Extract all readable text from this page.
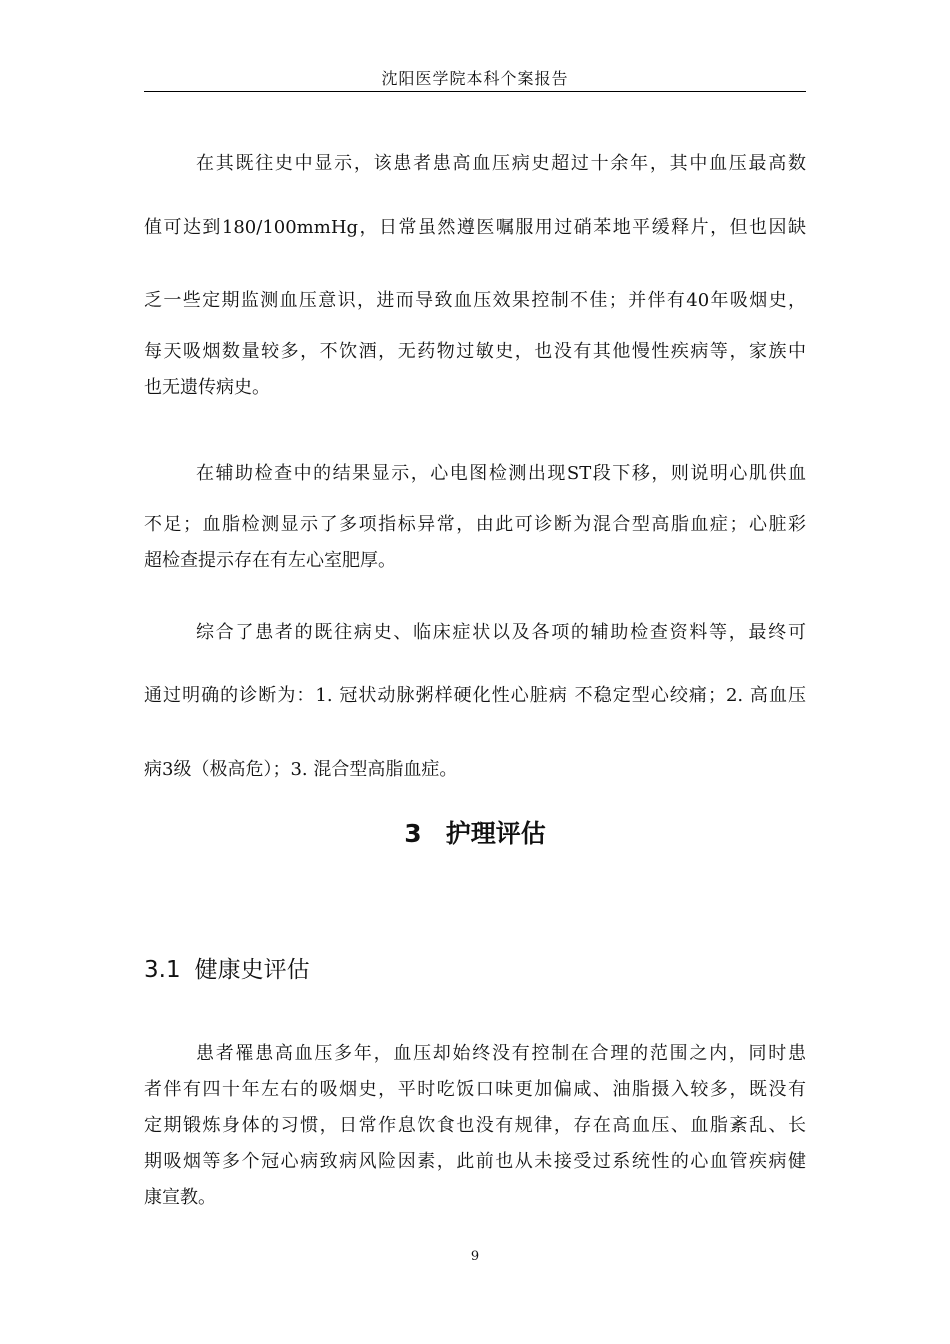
沈阳医学院本科个案报告
在其既往史中显示，该患者患高血压病史超过十余年，其中血压最高数
值可达到180/100mmHg，日常虽然遵医嘱服用过硝苯地平缓释片，但也因缺
乏一些定期监测血压意识，进而导致血压效果控制不佳；并伴有40年吸烟史，
每天吸烟数量较多，不饮酒，无药物过敏史，也没有其他慢性疾病等，家族中
也无遗传病史。
在辅助检查中的结果显示，心电图检测出现ST段下移，则说明心肌供血
不足；血脂检测显示了多项指标异常，由此可诊断为混合型高脂血症；心脏彩
超检查提示存在有左心室肥厚。
综合了患者的既往病史、临床症状以及各项的辅助检查资料等，最终可
通过明确的诊断为：1. 冠状动脉粥样硬化性心脏病 不稳定型心绞痛；2. 高血压
病3级（极高危）；3. 混合型高脂血症。
3 护理评估
3.1 健康史评估
患者罹患高血压多年，血压却始终没有控制在合理的范围之内，同时患
者伴有四十年左右的吸烟史，平时吃饭口味更加偏咸、油脂摄入较多，既没有
定期锻炼身体的习惯，日常作息饮食也没有规律，存在高血压、血脂紊乱、长
期吸烟等多个冠心病致病风险因素，此前也从未接受过系统性的心血管疾病健
康宣教。
9
